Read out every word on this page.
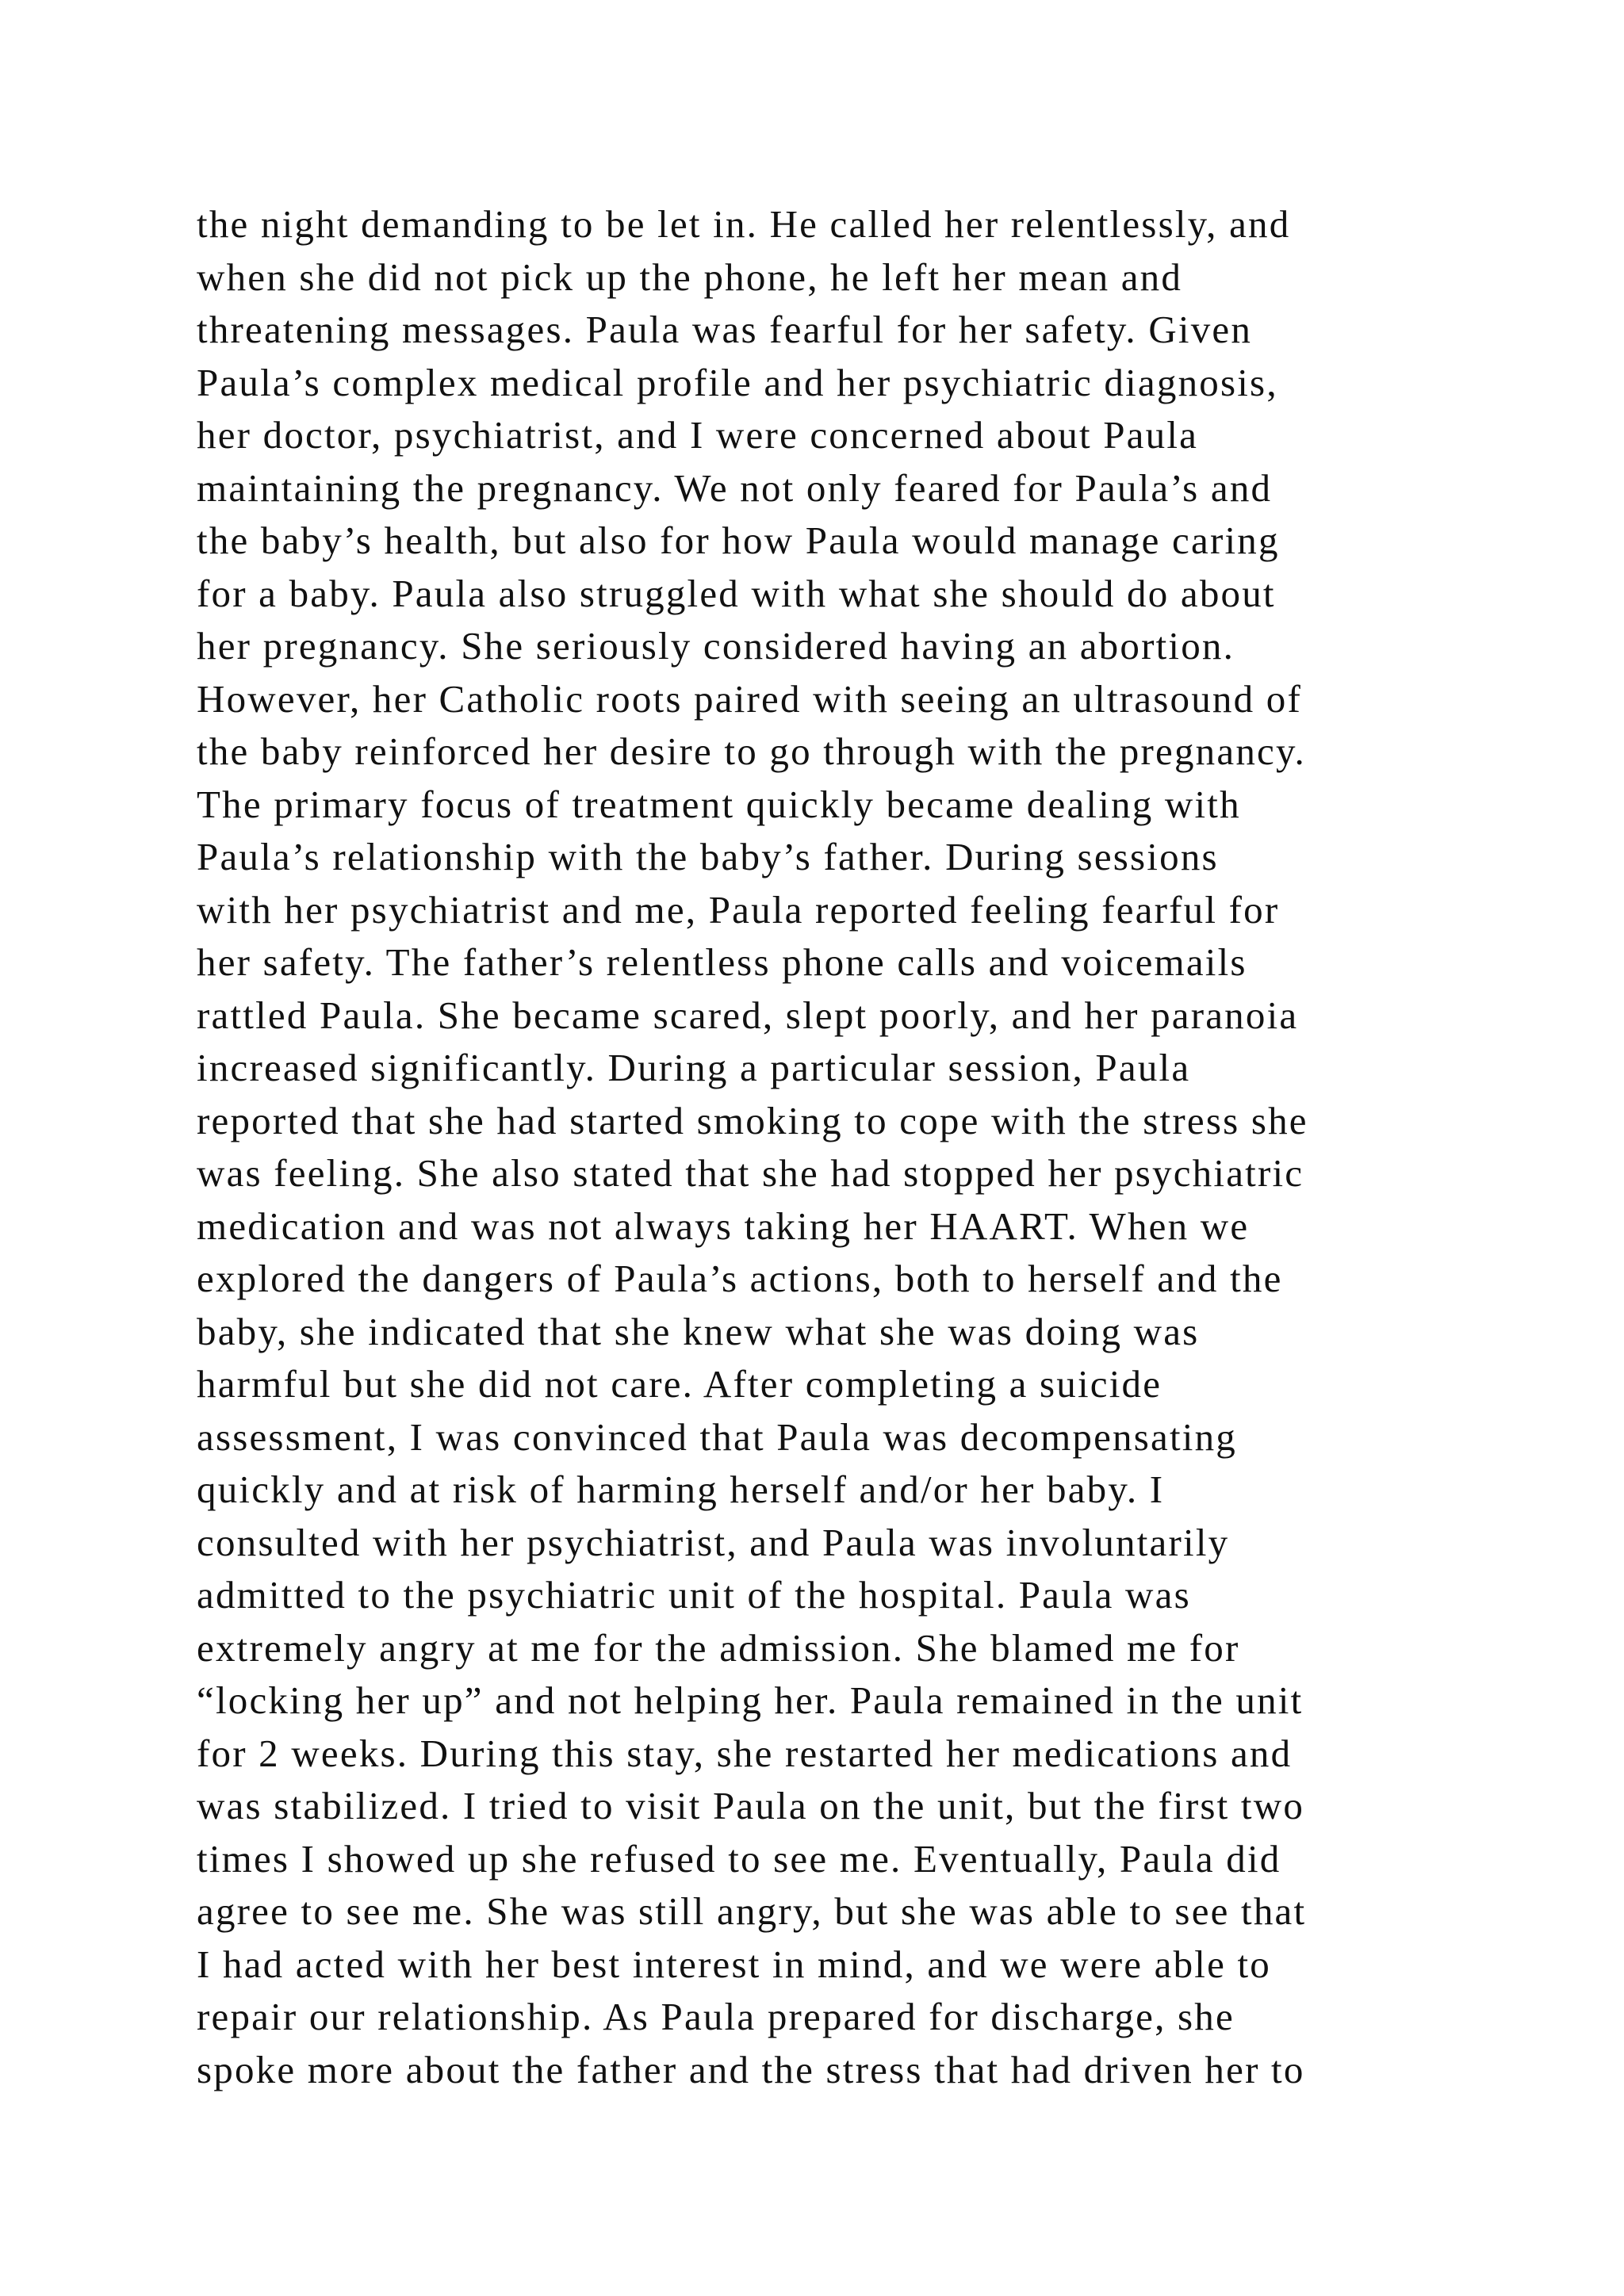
the night demanding to be let in. He called her relentlessly, and
when she did not pick up the phone, he left her mean and
threatening messages. Paula was fearful for her safety. Given
Paula’s complex medical profile and her psychiatric diagnosis,
her doctor, psychiatrist, and I were concerned about Paula
maintaining the pregnancy. We not only feared for Paula’s and
the baby’s health, but also for how Paula would manage caring
for a baby. Paula also struggled with what she should do about
her pregnancy. She seriously considered having an abortion.
However, her Catholic roots paired with seeing an ultrasound of
the baby reinforced her desire to go through with the pregnancy.
The primary focus of treatment quickly became dealing with
Paula’s relationship with the baby’s father. During sessions
with her psychiatrist and me, Paula reported feeling fearful for
her safety. The father’s relentless phone calls and voicemails
rattled Paula. She became scared, slept poorly, and her paranoia
increased significantly. During a particular session, Paula
reported that she had started smoking to cope with the stress she
was feeling. She also stated that she had stopped her psychiatric
medication and was not always taking her HAART. When we
explored the dangers of Paula’s actions, both to herself and the
baby, she indicated that she knew what she was doing was
harmful but she did not care. After completing a suicide
assessment, I was convinced that Paula was decompensating
quickly and at risk of harming herself and/or her baby. I
consulted with her psychiatrist, and Paula was involuntarily
admitted to the psychiatric unit of the hospital. Paula was
extremely angry at me for the admission. She blamed me for
“locking her up” and not helping her. Paula remained in the unit
for 2 weeks. During this stay, she restarted her medications and
was stabilized. I tried to visit Paula on the unit, but the first two
times I showed up she refused to see me. Eventually, Paula did
agree to see me. She was still angry, but she was able to see that
I had acted with her best interest in mind, and we were able to
repair our relationship. As Paula prepared for discharge, she
spoke more about the father and the stress that had driven her to
